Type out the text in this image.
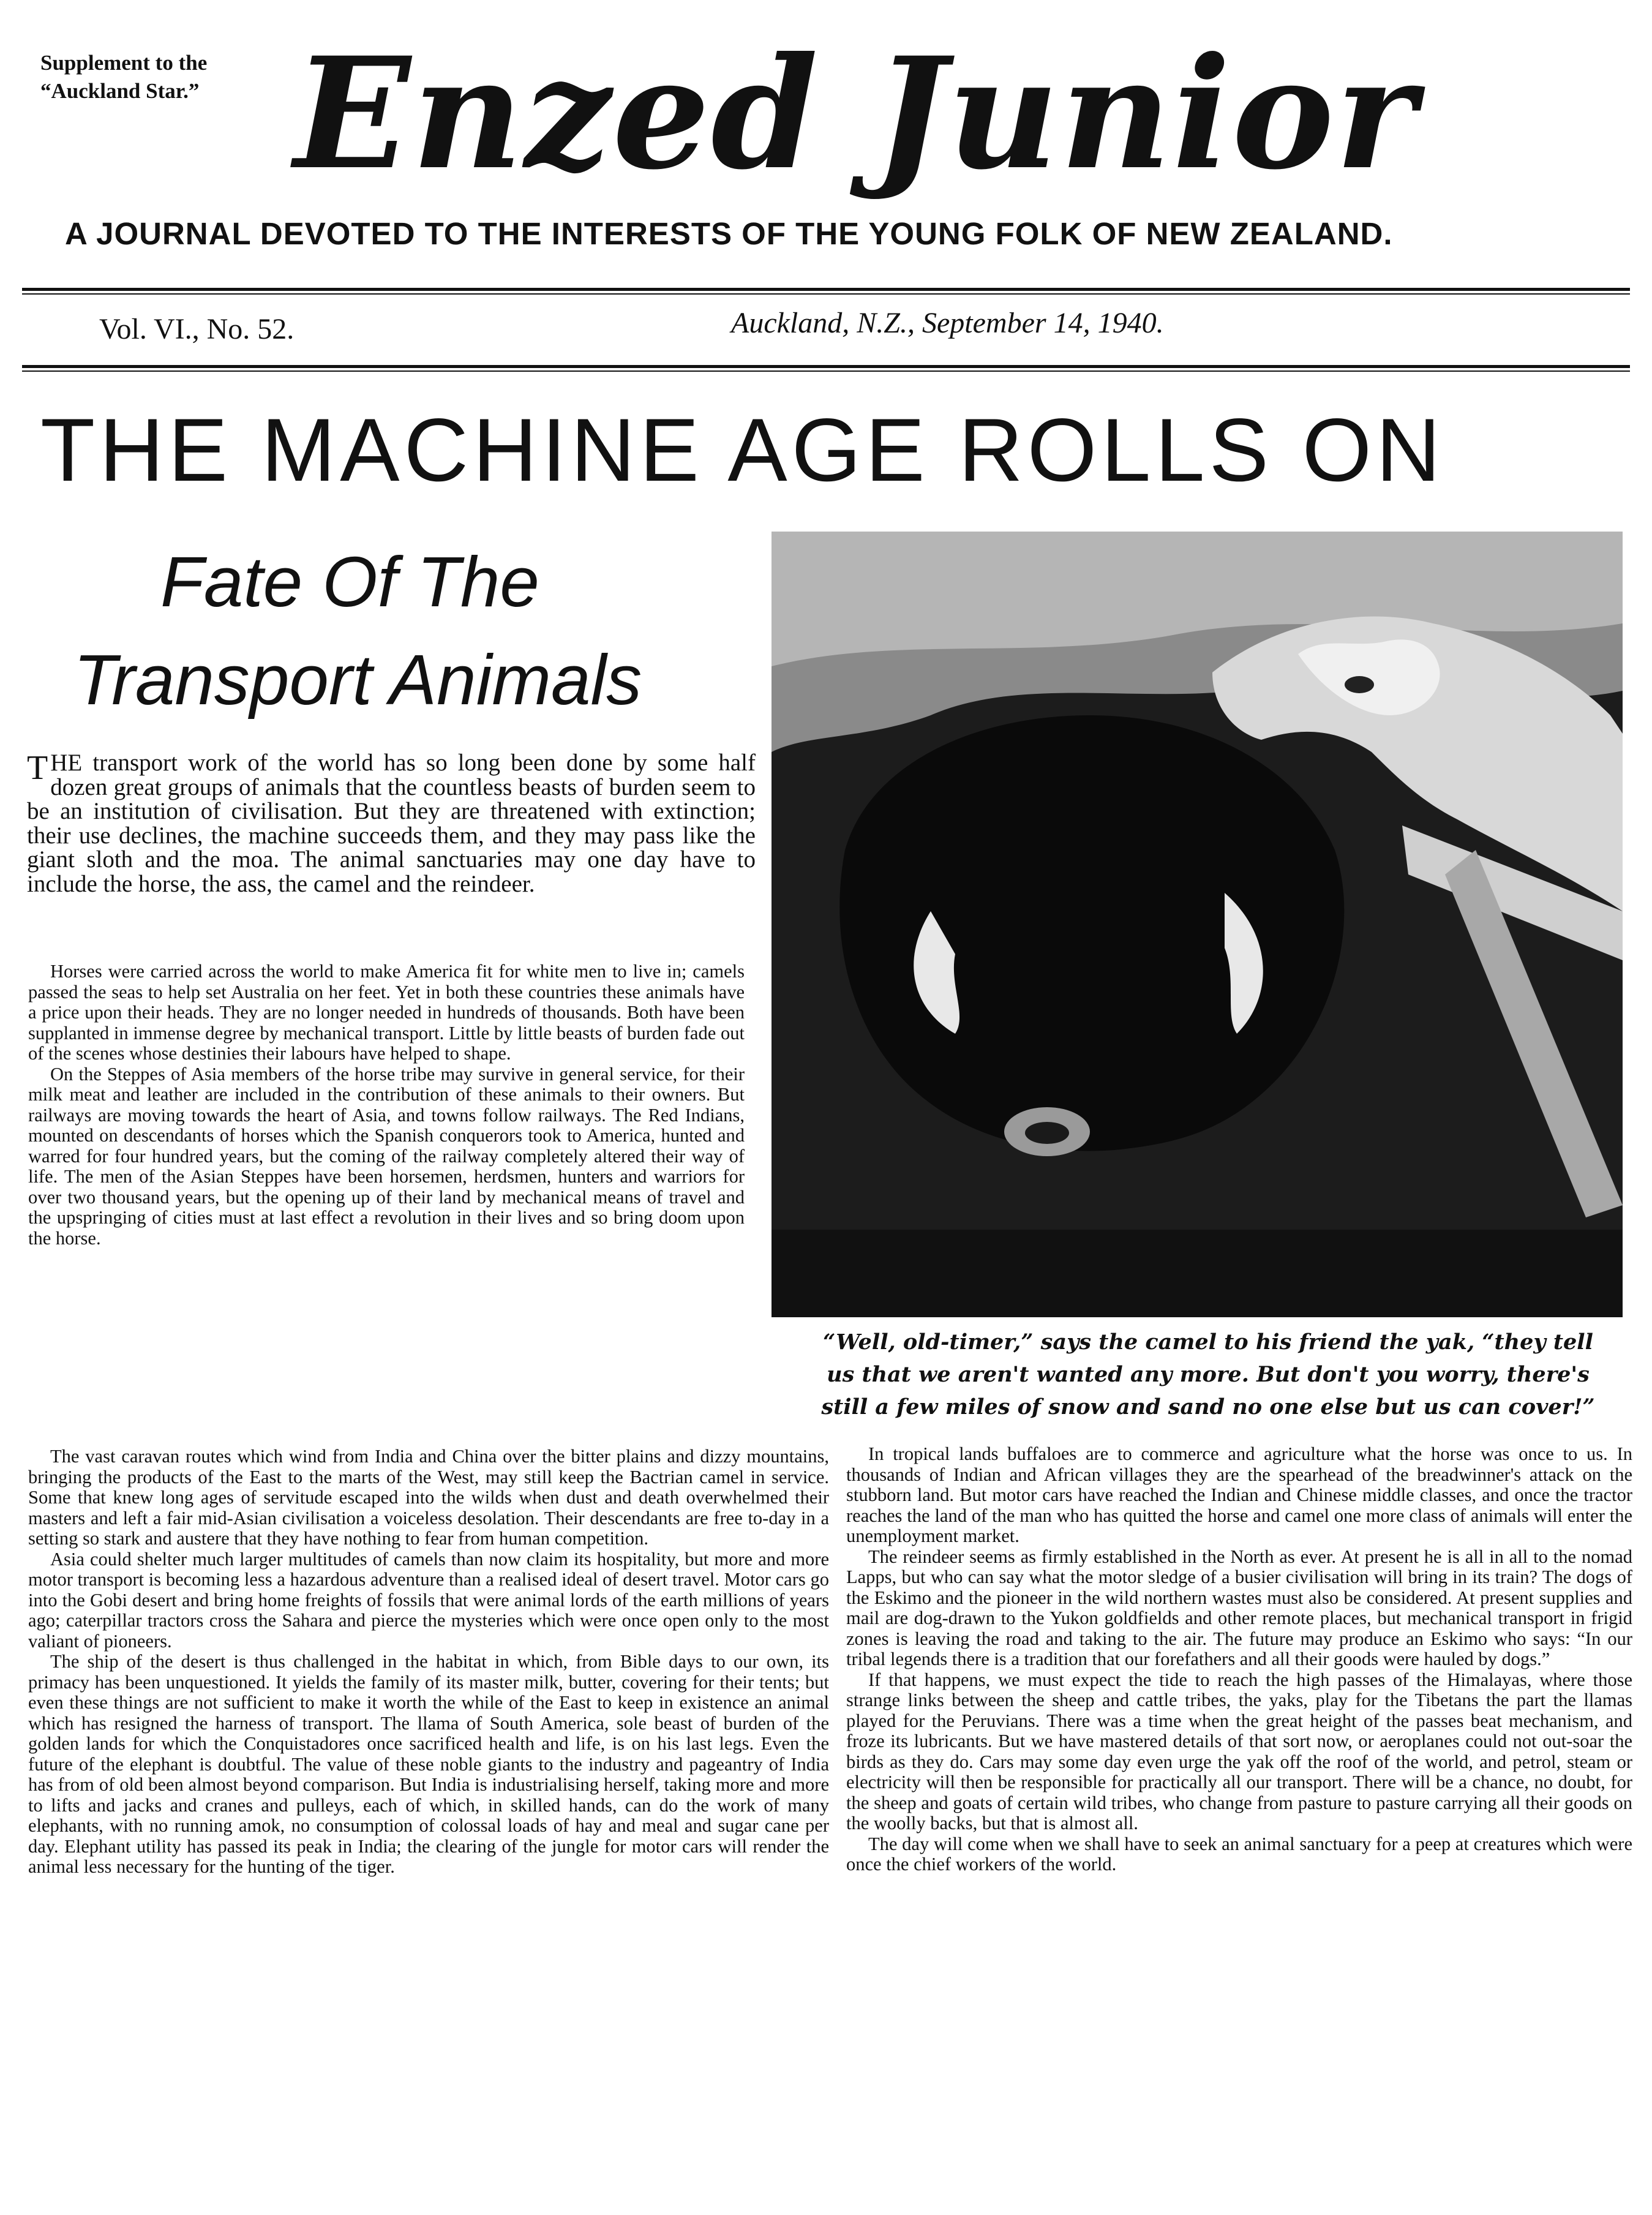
Supplement to the
“Auckland Star.” Enzed Junior
A JOURNAL DEVOTED TO THE INTERESTS OF THE YOUNG FOLK OF NEW ZEALAND.
Vol. VI., No. 52.	Auckland, N.Z., September 14, 1940.
THE MACHINE AGE ROLLS ON
Fate Of The
Transport Animals
“Well, old-timer,” says the camel to his friend the yak, “they tell us that we aren't wanted any more. But don't you worry, there's still a few miles of snow and sand no one else but us can cover!”
T HE transport work of the world has so long been done by some half dozen great groups of animals that the countless beasts of burden seem to be an institution of civilisation. But they are threatened with extinction; their use declines, the machine succeeds them, and they may pass like the giant sloth and the moa. The animal sanctuaries may one day have to include the horse, the ass, the camel and the reindeer.

Horses were carried across the world to make America fit for white men to live in; camels passed the seas to help set Australia on her feet. Yet in both these countries these animals have a price upon their heads. They are no longer needed in hundreds of thousands. Both have been supplanted in immense degree by mechanical transport. Little by little beasts of burden fade out of the scenes whose destinies their labours have helped to shape.

On the Steppes of Asia members of the horse tribe may survive in general service, for their milk meat and leather are included in the contribution of these animals to their owners. But railways are moving towards the heart of Asia, and towns follow railways. The Red Indians, mounted on descendants of horses which the Spanish conquerors took to America, hunted and warred for four hundred years, but the coming of the railway completely altered their way of life. The men of the Asian Steppes have been horsemen, herdsmen, hunters and warriors for over two thousand years, but the opening up of their land by mechanical means of travel and the upspringing of cities must at last effect a revolution in their lives and so bring doom upon the horse.

The vast caravan routes which wind from India and China over the bitter plains and dizzy mountains, bringing the products of the East to the marts of the West, may still keep the Bactrian camel in service. Some that knew long ages of servitude escaped into the wilds when dust and death overwhelmed their masters and left a fair mid-Asian civilisation a voiceless desolation. Their descendants are free to-day in a setting so stark and austere that they have nothing to fear from human competition.

Asia could shelter much larger multitudes of camels than now claim its hospitality, but more and more motor transport is becoming less a hazardous adventure than a realised ideal of desert travel. Motor cars go into the Gobi desert and bring home freights of fossils that were animal lords of the earth millions of years ago; caterpillar tractors cross the Sahara and pierce the mysteries which were once open only to the most valiant of pioneers.

The ship of the desert is thus challenged in the habitat in which, from Bible days to our own, its primacy has been unquestioned. It yields the family of its master milk, butter, covering for their tents; but even these things are not sufficient to make it worth the while of the East to keep in existence an animal which has resigned the harness of transport. The llama of South America, sole beast of burden of the golden lands for which the Conquistadores once sacrificed health and life, is on his last legs. Even the future of the elephant is doubtful. The value of these noble giants to the industry and pageantry of India has from of old been almost beyond comparison. But India is industrialising herself, taking more and more to lifts and jacks and cranes and pulleys, each of which, in skilled hands, can do the work of many elephants, with no running amok, no consumption of colossal loads of hay and meal and sugar cane per day. Elephant utility has passed its peak in India; the clearing of the jungle for motor cars will render the animal less necessary for the hunting of the tiger.

In tropical lands buffaloes are to commerce and agriculture what the horse was once to us. In thousands of Indian and African villages they are the spearhead of the breadwinner's attack on the stubborn land. But motor cars have reached the Indian and Chinese middle classes, and once the tractor reaches the land of the man who has quitted the horse and camel one more class of animals will enter the unemployment market.

The reindeer seems as firmly established in the North as ever. At present he is all in all to the nomad Lapps, but who can say what the motor sledge of a busier civilisation will bring in its train? The dogs of the Eskimo and the pioneer in the wild northern wastes must also be considered. At present supplies and mail are dog-drawn to the Yukon goldfields and other remote places, but mechanical transport in frigid zones is leaving the road and taking to the air. The future may produce an Eskimo who says: “In our tribal legends there is a tradition that our forefathers and all their goods were hauled by dogs.”

If that happens, we must expect the tide to reach the high passes of the Himalayas, where those strange links between the sheep and cattle tribes, the yaks, play for the Tibetans the part the llamas played for the Peruvians. There was a time when the great height of the passes beat mechanism, and froze its lubricants. But we have mastered details of that sort now, or aeroplanes could not out-soar the birds as they do. Cars may some day even urge the yak off the roof of the world, and petrol, steam or electricity will then be responsible for practically all our transport. There will be a chance, no doubt, for the sheep and goats of certain wild tribes, who change from pasture to pasture carrying all their goods on the woolly backs, but that is almost all.

The day will come when we shall have to seek an animal sanctuary for a peep at creatures which were once the chief workers of the world.
